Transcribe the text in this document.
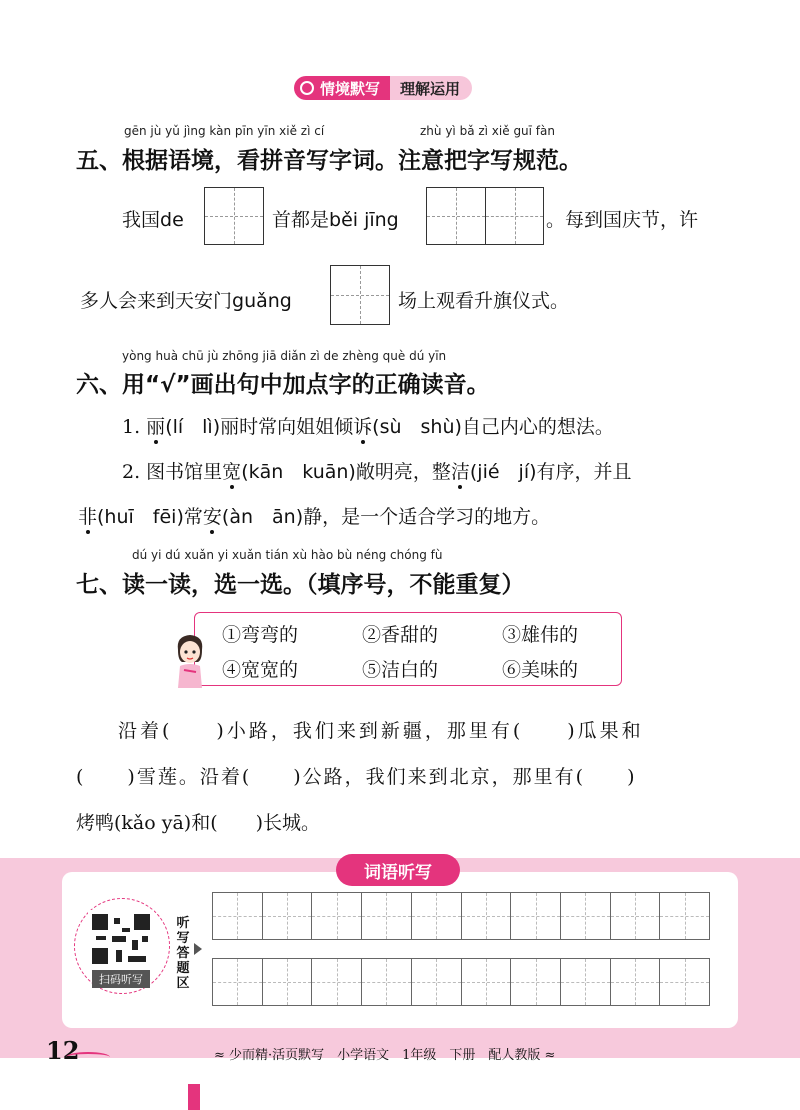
情境默写	理解运用
gēn jù yǔ jìng kàn pīn yīn xiě zì cí	zhù yì bǎ zì xiě guī fàn
五、根据语境，看拼音写字词。注意把字写规范。
我国de	首都是běi jīng	。每到国庆节，许
多人会来到天安门guǎng	场上观看升旗仪式。
yòng huà chū jù zhōng jiā diǎn zì de zhèng què dú yīn
六、用“√”画出句中加点字的正确读音。
1. 丽(lí　lì)丽时常向姐姐倾诉(sù　shù)自己内心的想法。
2. 图书馆里宽(kān　kuān)敞明亮，整洁(jié　jí)有序，并且
非(huī　fēi)常安(àn　ān)静，是一个适合学习的地方。
dú yi dú xuǎn yi xuǎn tián xù hào bù néng chóng fù
七、读一读，选一选。（填序号，不能重复）
①弯弯的	②香甜的	③雄伟的
④宽宽的	⑤洁白的	⑥美味的
沿着(　　)小路，我们来到新疆，那里有(　　)瓜果和
(　　)雪莲。沿着(　　)公路，我们来到北京，那里有(　　)
烤鸭(kǎo yā)和(　　)长城。
词语听写
扫码听写
听写答题区
12	≈ 少而精·活页默写　小学语文　1年级　下册　配人教版 ≈
